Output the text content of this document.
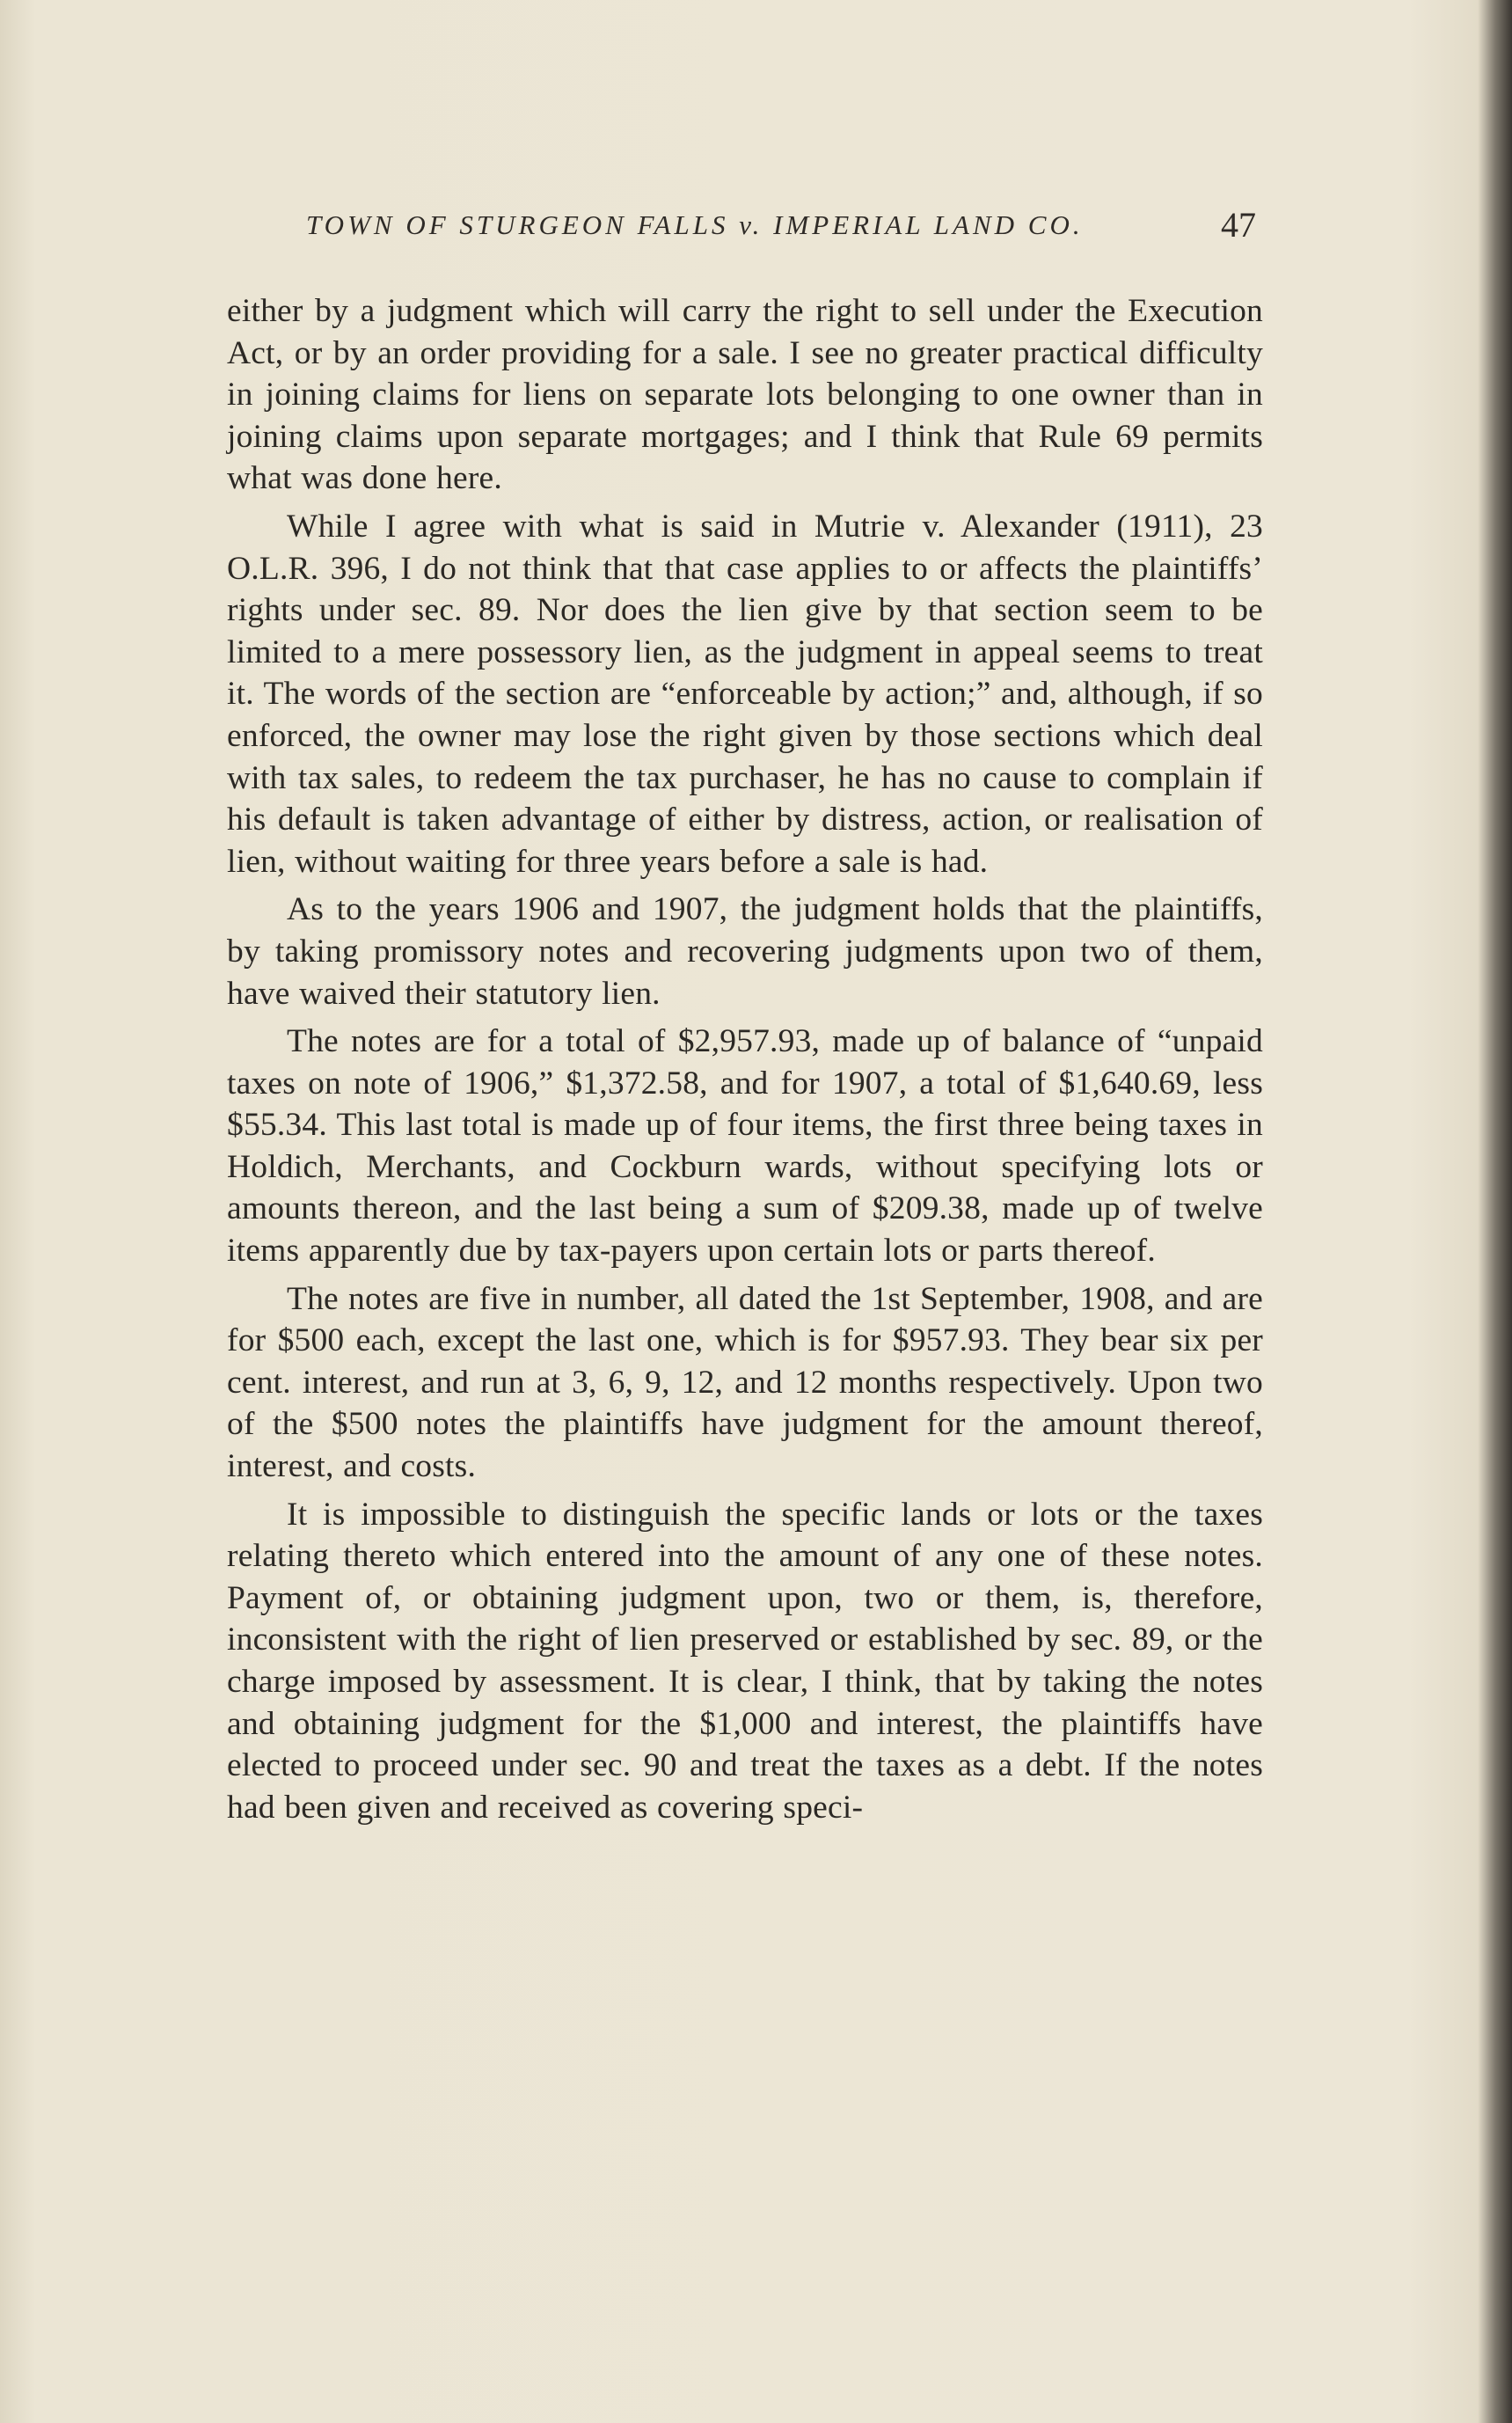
TOWN OF STURGEON FALLS v. IMPERIAL LAND CO.	47

either by a judgment which will carry the right to sell under the Execution Act, or by an order providing for a sale. I see no greater practical difficulty in joining claims for liens on separate lots belonging to one owner than in joining claims upon separate mortgages; and I think that Rule 69 permits what was done here.

While I agree with what is said in Mutrie v. Alexander (1911), 23 O.L.R. 396, I do not think that that case applies to or affects the plaintiffs’ rights under sec. 89. Nor does the lien give by that section seem to be limited to a mere possessory lien, as the judgment in appeal seems to treat it. The words of the section are “enforceable by action;” and, although, if so enforced, the owner may lose the right given by those sections which deal with tax sales, to redeem the tax purchaser, he has no cause to complain if his default is taken advantage of either by distress, action, or realisation of lien, without waiting for three years before a sale is had.

As to the years 1906 and 1907, the judgment holds that the plaintiffs, by taking promissory notes and recovering judgments upon two of them, have waived their statutory lien.

The notes are for a total of $2,957.93, made up of balance of “unpaid taxes on note of 1906,” $1,372.58, and for 1907, a total of $1,640.69, less $55.34. This last total is made up of four items, the first three being taxes in Holdich, Merchants, and Cockburn wards, without specifying lots or amounts thereon, and the last being a sum of $209.38, made up of twelve items apparently due by tax-payers upon certain lots or parts thereof.

The notes are five in number, all dated the 1st September, 1908, and are for $500 each, except the last one, which is for $957.93. They bear six per cent. interest, and run at 3, 6, 9, 12, and 12 months respectively. Upon two of the $500 notes the plaintiffs have judgment for the amount thereof, interest, and costs.

It is impossible to distinguish the specific lands or lots or the taxes relating thereto which entered into the amount of any one of these notes. Payment of, or obtaining judgment upon, two or them, is, therefore, inconsistent with the right of lien preserved or established by sec. 89, or the charge imposed by assessment. It is clear, I think, that by taking the notes and obtaining judgment for the $1,000 and interest, the plaintiffs have elected to proceed under sec. 90 and treat the taxes as a debt. If the notes had been given and received as covering speci-
